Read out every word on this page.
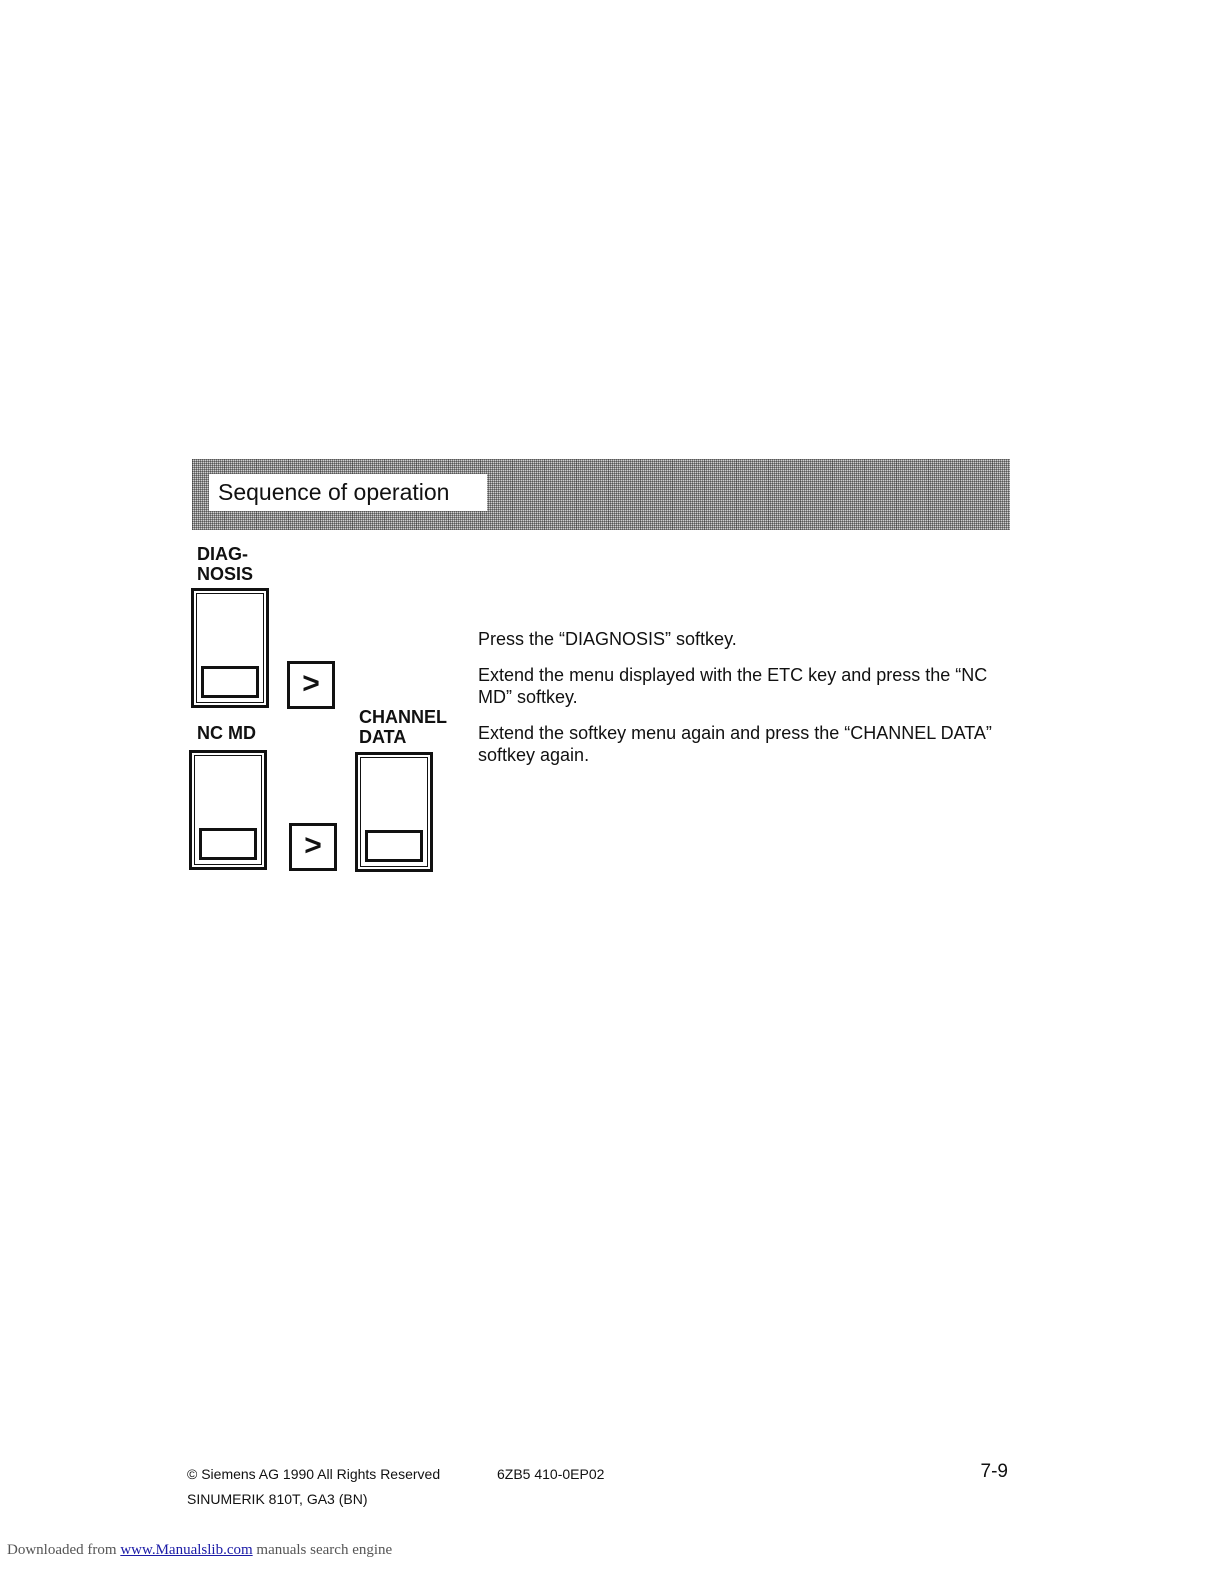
Sequence of operation
DIAG-
NOSIS
>
NC MD
>
CHANNEL
DATA

Press the “DIAGNOSIS” softkey.

Extend the menu displayed with the ETC key and press the “NC MD” softkey.

Extend the softkey menu again and press the “CHANNEL DATA” softkey again.

© Siemens AG 1990 All Rights Reserved	6ZB5 410-0EP02
SINUMERIK 810T, GA3 (BN)
7-9
Downloaded from www.Manualslib.com manuals search engine
